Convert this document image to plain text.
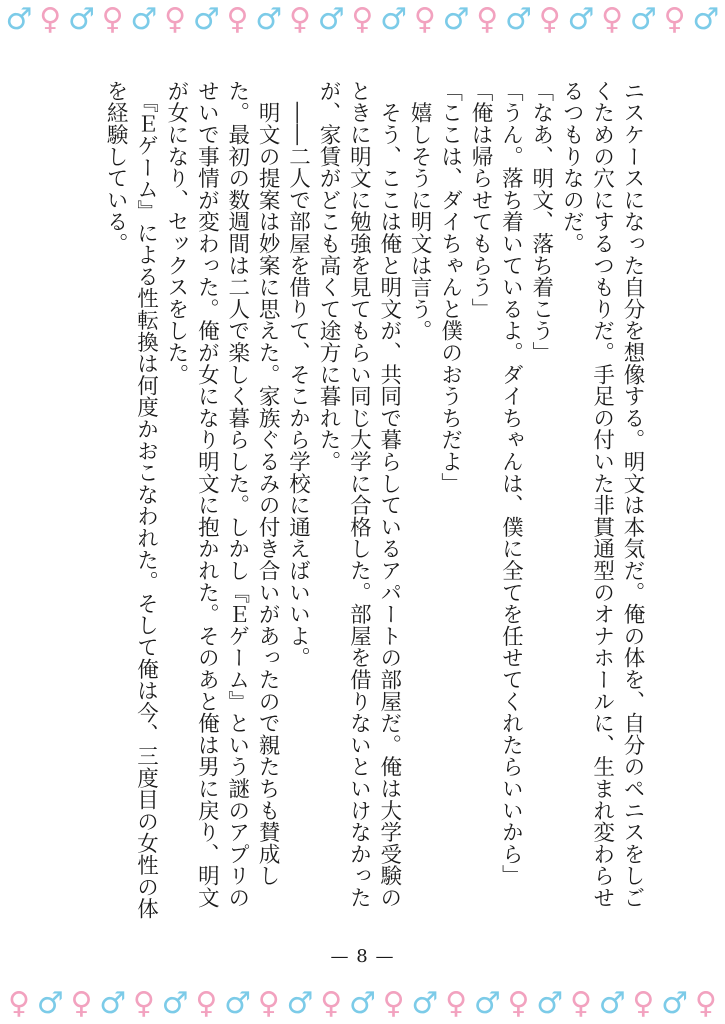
♂ ♀ ♂ ♀ ♂ ♀ ♂ ♀ ♂ ♀ ♂ ♀ ♂ ♀ ♂ ♀ ♂ ♀ ♂ ♀ ♂ ♀ ♂

ニスケースになった自分を想像する。明文は本気だ。俺の体を、自分のペニスをしごくための穴にするつもりだ。手足の付いた非貫通型のオナホールに、生まれ変わらせるつもりなのだ。

「なあ、明文、落ち着こう」

「うん。落ち着いているよ。ダイちゃんは、僕に全てを任せてくれたらいいから」

「俺は帰らせてもらう」

「ここは、ダイちゃんと僕のおうちだよ」

　嬉しそうに明文は言う。

　そう、ここは俺と明文が、共同で暮らしているアパートの部屋だ。俺は大学受験のときに明文に勉強を見てもらい同じ大学に合格した。部屋を借りないといけなかったが、家賃がどこも高くて途方に暮れた。

　――二人で部屋を借りて、そこから学校に通えばいいよ。

　明文の提案は妙案に思えた。家族ぐるみの付き合いがあったので親たちも賛成した。最初の数週間は二人で楽しく暮らした。しかし『Ｅゲーム』という謎のアプリのせいで事情が変わった。俺が女になり明文に抱かれた。そのあと俺は男に戻り、明文が女になり、セックスをした。

　『Ｅゲーム』による性転換は何度かおこなわれた。そして俺は今、三度目の女性の体を経験している。

— 8 —
♀ ♂ ♀ ♂ ♀ ♂ ♀ ♂ ♀ ♂ ♀ ♂ ♀ ♂ ♀ ♂ ♀ ♂ ♀ ♂ ♀ ♂ ♀
